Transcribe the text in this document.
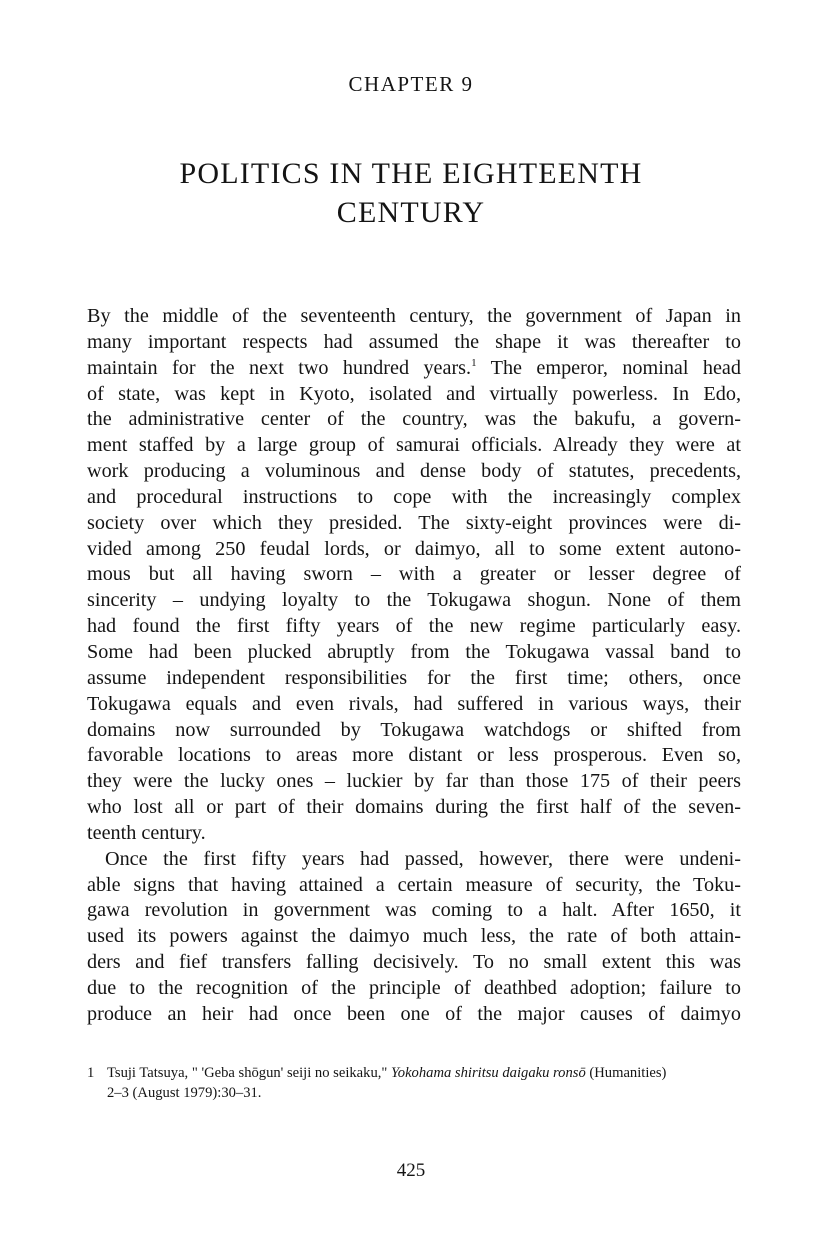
CHAPTER 9
POLITICS IN THE EIGHTEENTH
CENTURY

By the middle of the seventeenth century, the government of Japan in
many important respects had assumed the shape it was thereafter to
maintain for the next two hundred years.$^1$ The emperor, nominal head
of state, was kept in Kyoto, isolated and virtually powerless. In Edo,
the administrative center of the country, was the bakufu, a govern-
ment staffed by a large group of samurai officials. Already they were at
work producing a voluminous and dense body of statutes, precedents,
and procedural instructions to cope with the increasingly complex
society over which they presided. The sixty-eight provinces were di-
vided among 250 feudal lords, or daimyo, all to some extent autono-
mous but all having sworn – with a greater or lesser degree of
sincerity – undying loyalty to the Tokugawa shogun. None of them
had found the first fifty years of the new regime particularly easy.
Some had been plucked abruptly from the Tokugawa vassal band to
assume independent responsibilities for the first time; others, once
Tokugawa equals and even rivals, had suffered in various ways, their
domains now surrounded by Tokugawa watchdogs or shifted from
favorable locations to areas more distant or less prosperous. Even so,
they were the lucky ones – luckier by far than those 175 of their peers
who lost all or part of their domains during the first half of the seven-
teenth century.

Once the first fifty years had passed, however, there were undeni-
able signs that having attained a certain measure of security, the Toku-
gawa revolution in government was coming to a halt. After 1650, it
used its powers against the daimyo much less, the rate of both attain-
ders and fief transfers falling decisively. To no small extent this was
due to the recognition of the principle of deathbed adoption; failure to
produce an heir had once been one of the major causes of daimyo

1 Tsuji Tatsuya, " 'Geba shōgun' seiji no seikaku," Yokohama shiritsu daigaku ronsō (Humanities)
2–3 (August 1979):30–31.
425
